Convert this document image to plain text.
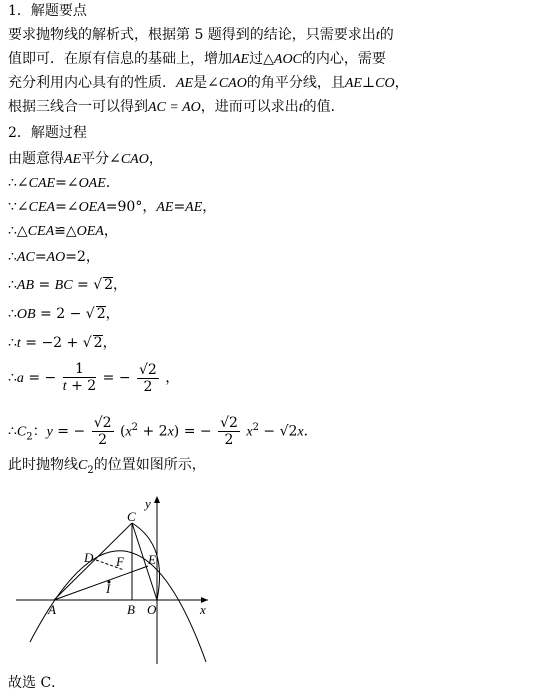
1．解题要点
要求抛物线的解析式，根据第 5 题得到的结论，只需要求出t的
值即可．在原有信息的基础上，增加AE过△AOC的内心，需要
充分利用内心具有的性质．AE是∠CAO的角平分线，且AE⊥CO，
根据三线合一可以得到AC = AO，进而可以求出t的值．
2．解题过程
由题意得AE平分∠CAO，
∴∠CAE=∠OAE.
∵∠CEA=∠OEA=90°，AE=AE，
∴△CEA≌△OEA，
∴AC=AO=2，
∴AB = BC = √ 2，
∴OB = 2 − √ 2，
∴t = −2 + √ 2，
∴a = − $\frac{1}{t + 2}$ = − $\frac{√2}{2}$ ，
$\therefore C_2$：y = − $\frac{√2}{2} (x^2 + 2x)$ = − $\frac{√2}{2} x^2 - √2x$．
此时抛物线$C_2$的位置如图所示，
y
x
C
D F E
I
A	B O
故选 C．
